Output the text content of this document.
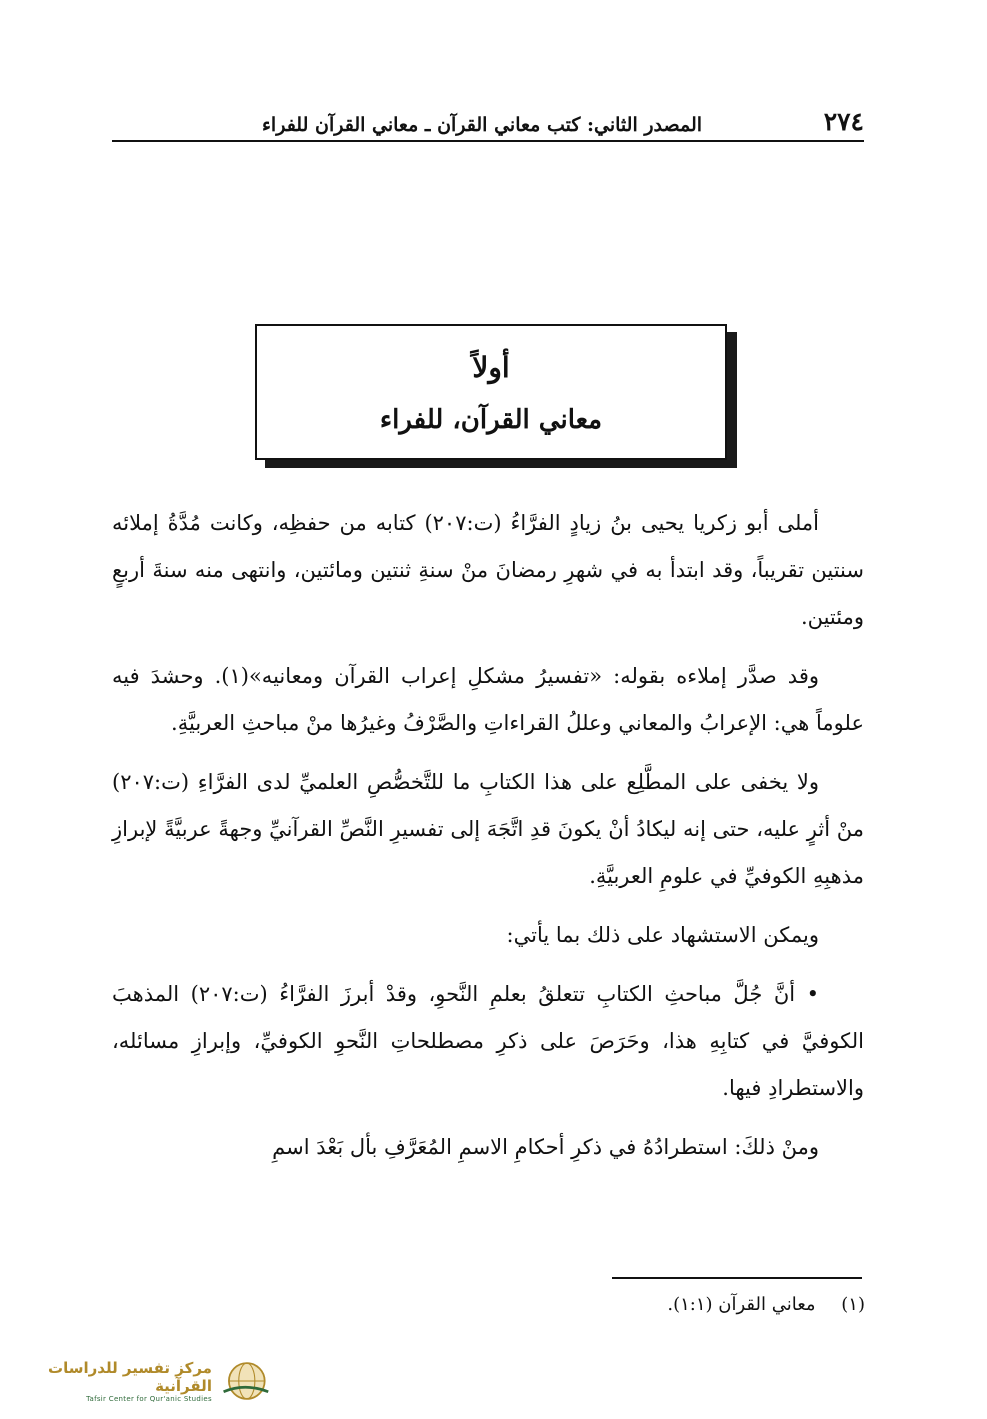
٢٧٤
المصدر الثاني: كتب معاني القرآن ـ معاني القرآن للفراء
أولاً
معاني القرآن، للفراء

أملى أبو زكريا يحيى بنُ زيادٍ الفرَّاءُ (ت:٢٠٧) كتابه من حفظِه، وكانت مُدَّةُ إملائه سنتين تقريباً، وقد ابتدأ به في شهرِ رمضانَ منْ سنةِ ثنتين ومائتين، وانتهى منه سنةَ أربعٍ ومئتين.

وقد صدَّر إملاءه بقوله: «تفسيرُ مشكلِ إعراب القرآن ومعانيه»(١). وحشدَ فيه علوماً هي: الإعرابُ والمعاني وعللُ القراءاتِ والصَّرْفُ وغيرُها منْ مباحثِ العربيَّةِ.

ولا يخفى على المطَّلِع على هذا الكتابِ ما للتَّخصُّصِ العلميِّ لدى الفرَّاءِ (ت:٢٠٧) منْ أثرٍ عليه، حتى إنه ليكادُ أنْ يكونَ قدِ اتَّجَهَ إلى تفسيرِ النَّصِّ القرآنيِّ وجهةً عربيَّةً لإبرازِ مذهبِهِ الكوفيِّ في علومِ العربيَّةِ.

ويمكن الاستشهاد على ذلك بما يأتي:

• أنَّ جُلَّ مباحثِ الكتابِ تتعلقُ بعلمِ النَّحوِ، وقدْ أبرزَ الفرَّاءُ (ت:٢٠٧) المذهبَ الكوفيَّ في كتابِهِ هذا، وحَرَصَ على ذكرِ مصطلحاتِ النَّحوِ الكوفيِّ، وإبرازِ مسائله، والاستطرادِ فيها.

ومنْ ذلكَ: استطرادُهُ في ذكرِ أحكامِ الاسمِ المُعَرَّفِ بأل بَعْدَ اسمِ

(١) معاني القرآن (١:١).
مركز تفسير للدراسات القرآنية
Tafsir Center for Qur'anic Studies
